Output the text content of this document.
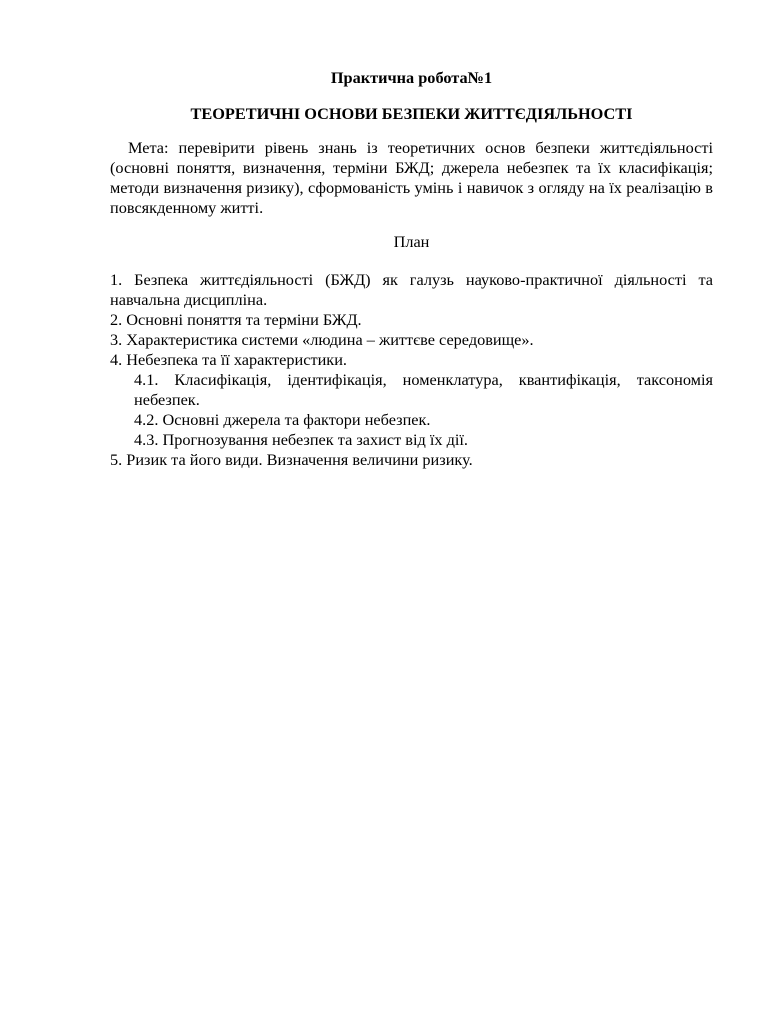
Практична робота№1

ТЕОРЕТИЧНІ ОСНОВИ БЕЗПЕКИ ЖИТТЄДІЯЛЬНОСТІ

Мета: перевірити рівень знань із теоретичних основ безпеки життєдіяльності (основні поняття, визначення, терміни БЖД; джерела небезпек та їх класифікація; методи визначення ризику), сформованість умінь і навичок з огляду на їх реалізацію в повсякденному житті.

План

1. Безпека життєдіяльності (БЖД) як галузь науково-практичної діяльності та навчальна дисципліна.
2. Основні поняття та терміни БЖД.
3. Характеристика системи «людина – життєве середовище».
4. Небезпека та її характеристики.
4.1. Класифікація, ідентифікація, номенклатура, квантифікація, таксономія небезпек.
4.2. Основні джерела та фактори небезпек.
4.3. Прогнозування небезпек та захист від їх дії.
5. Ризик та його види. Визначення величини ризику.
